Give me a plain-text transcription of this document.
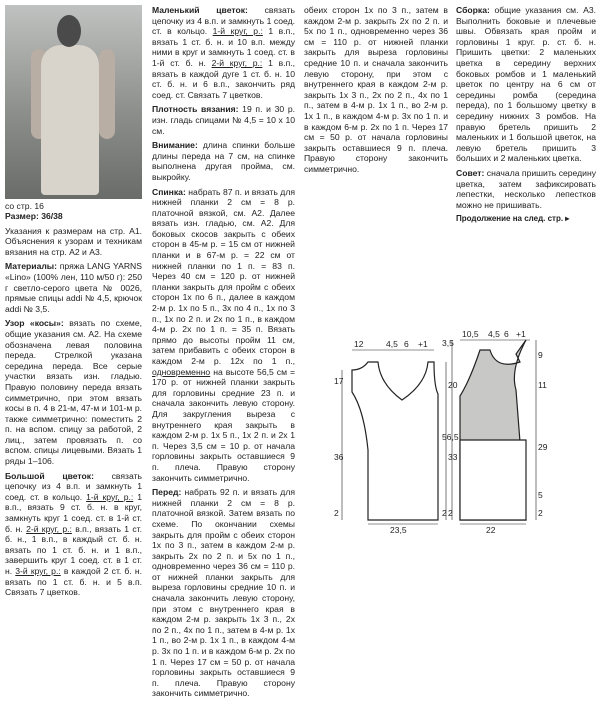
со стр. 16

Размер: 36/38

Указания к размерам на стр. А1. Объяснения к узорам и техникам вязания на стр. А2 и А3.

Материалы: пряжа LANG YARNS «Lino» (100% лен, 110 м/50 г): 250 г светло-серого цвета № 0026, прямые спицы addi № 4,5, крючок addi № 3,5.

Узор «косы»: вязать по схеме, общие указания см. А2. На схеме обозначена левая половина переда. Стрелкой указана середина переда. Все серые участки вязать изн. гладью. Правую половину переда вязать симметрично, при этом вязать косы в п. 4 в 21-м, 47-м и 101-м р. также симметрично: поместить 2 п. на вспом. спицу за работой, 2 лиц., затем провязать п. со вспом. спицы лицевыми. Вязать 1 ряды 1–106.

Большой цветок: связать цепочку из 4 в.п. и замкнуть 1 соед. ст. в кольцо. 1-й круг, р.: 1 в.п., вязать 9 ст. б. н. в круг, замкнуть круг 1 соед. ст. в 1-й ст. б. н. 2-й круг, р.: в.п., вязать 1 ст. б. н., 1 в.п., в каждый ст. б. н. вязать по 1 ст. б. н. и 1 в.п., завершить круг 1 соед. ст. в 1 ст. н. 3-й круг, р.: в каждой 2 ст. б. н. вязать по 1 ст. б. н. и 5 в.п. Связать 7 цветков.

Маленький цветок: связать цепочку из 4 в.п. и замкнуть 1 соед. ст. в кольцо. 1-й круг, р.: 1 в.п., вязать 1 ст. б. н. и 10 в.п. между ними в круг и замкнуть 1 соед. ст. в 1-й ст. б. н. 2-й круг, р.: 1 в.п., вязать в каждой дуге 1 ст. б. н. 10 ст. б. н. и 6 в.п., закончить ряд соед. ст. Связать 7 цветков.

Плотность вязания: 19 п. и 30 р. изн. гладь спицами № 4,5 = 10 х 10 см.

Внимание: длина спинки больше длины переда на 7 см, на спинке выполнена другая пройма, см. выкройку.

Спинка: набрать 87 п. и вязать для нижней планки 2 см = 8 р. платочной вязкой, см. А2. Далее вязать изн. гладью, см. А2. Для боковых скосов закрыть с обеих сторон в 45-м р. = 15 см от нижней планки и в 67-м р. = 22 см от нижней планки по 1 п. = 83 п. Через 40 см = 120 р. от нижней планки закрыть для пройм с обеих сторон 1х по 6 п., далее в каждом 2-м р. 1х по 5 п., 3х по 4 п., 1х по 3 п., 1х по 2 п. и 2х по 1 п., в каждом 4-м р. 2х по 1 п. = 35 п. Вязать прямо до высоты пройм 11 см, затем прибавить с обеих сторон в каждом 2-м р. 12х по 1 п., одновременно на высоте 56,5 см = 170 р. от нижней планки закрыть для горловины средние 23 п. и сначала закончить левую сторону. Для закругления выреза с внутреннего края закрыть в каждом 2-м р. 1х 5 п., 1х 2 п. и 2х 1 п. Через 3,5 см = 10 р. от начала горловины закрыть оставшиеся 9 п. плеча. Правую сторону закончить симметрично.

Перед: набрать 92 п. и вязать для нижней планки 2 см = 8 р. платочной вязкой. Затем вязать по схеме. По окончании схемы закрыть для пройм с обеих сторон 1х по 3 п., затем в каждом 2-м р. закрыть 2х по 2 п. и 5х по 1 п., одновременно через 36 см = 110 р. от нижней планки закрыть для выреза горловины средние 10 п. и сначала закончить левую сторону, при этом с внутреннего края в каждом 2-м р. закрыть 1х 3 п., 2х по 2 п., 4х по 1 п., затем в 4-м р. 1х 1 п., во 2-м р. 1х 1 п., в каждом 4-м р. 3х по 1 п. и в каждом 6-м р. 2х по 1 п. Через 17 см = 50 р. от начала горловины закрыть оставшиеся 9 п. плеча. Правую сторону закончить симметрично.

Сборка: общие указания см. А3. Выполнить боковые и плечевые швы. Обвязать края пройм и горловины 1 круг. р. ст. б. н. Пришить цветки: 2 маленьких цветка в середину верхних боковых ромбов и 1 маленький цветок по центру на 6 см от середины ромба (середина переда), по 1 большому цветку в середину нижних 3 ромбов. На правую бретель пришить 2 маленьких и 1 большой цветок, на левую бретель пришить 3 больших и 2 маленьких цветка.

Совет: сначала пришить середину цветка, затем зафиксировать лепестки, несколько лепестков можно не пришивать.

Продолжение на след. стр. ▸
12	4,5 6 +1
17
36
2
20
33
2
23,5
10,5 4,5 6 +1
3,5
56,5
2
9
11
29
5
2
22

обеих сторон 1х по 3 п., затем в каждом 2-м р. закрыть 2х по 2 п. и 5х по 1 п., одновременно через 36 см = 110 р. от нижней планки закрыть для выреза горловины средние 10 п. и сначала закончить левую сторону, при этом с внутреннего края в каждом 2-м р. закрыть 1х 3 п., 2х по 2 п., 4х по 1 п., затем в 4-м р. 1х 1 п., во 2-м р. 1х 1 п., в каждом 4-м р. 3х по 1 п. и в каждом 6-м р. 2х по 1 п. Через 17 см = 50 р. от начала горловины закрыть оставшиеся 9 п. плеча. Правую сторону закончить симметрично.
